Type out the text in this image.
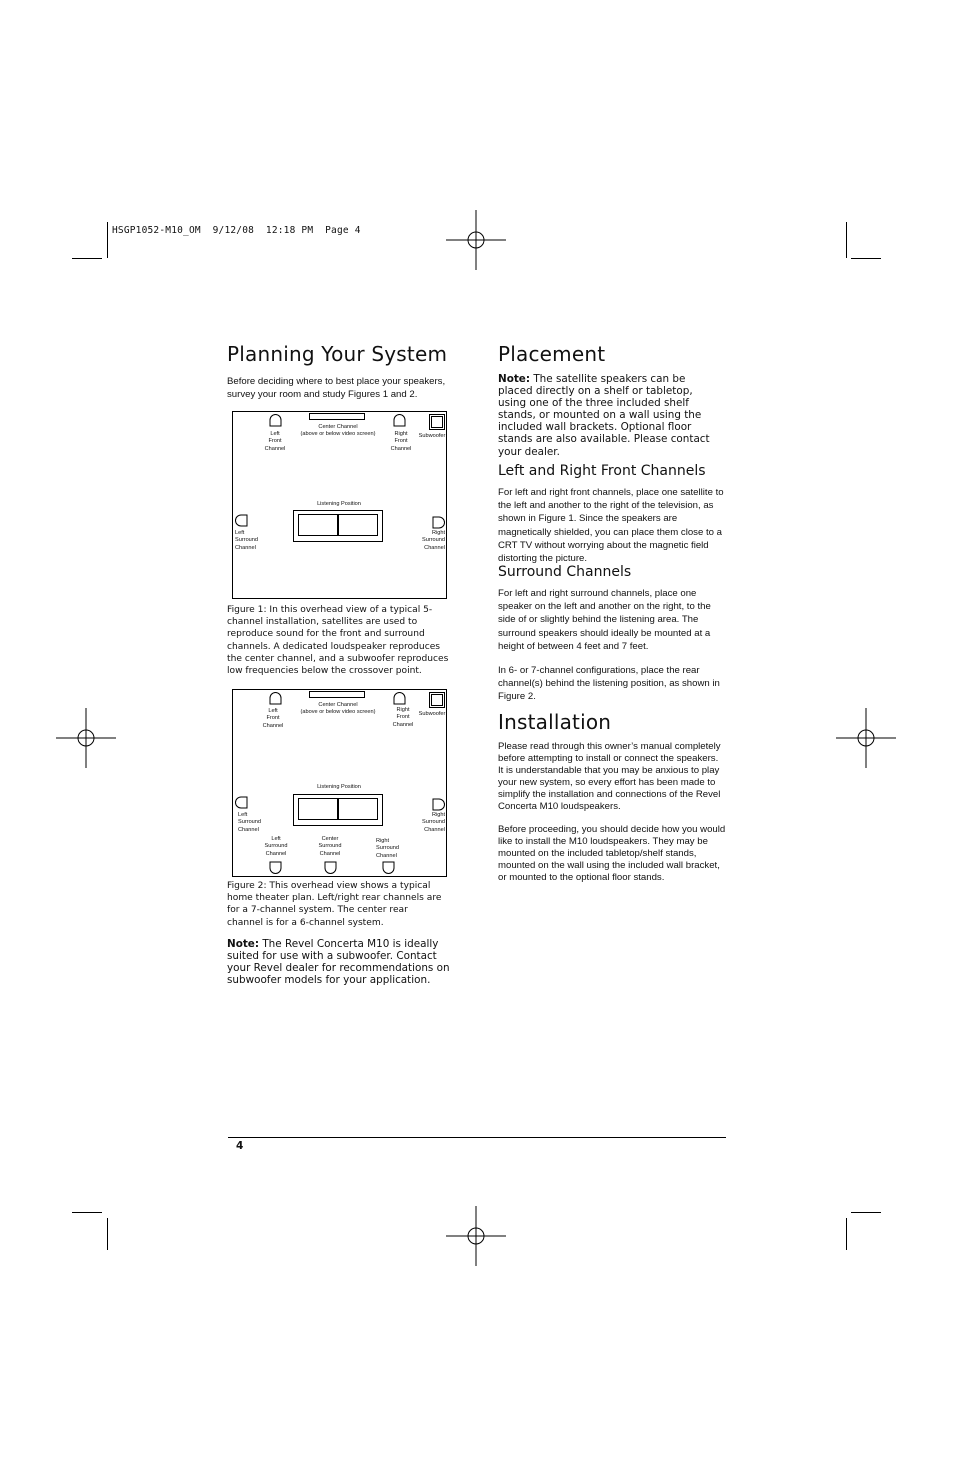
HSGP1052-M10_OM  9/12/08  12:18 PM  Page 4
Planning Your System
Before deciding where to best place your speakers, survey your room and study Figures 1 and 2.
Left
Front
Channel
Center Channel
(above or below video screen)	Right
Front
Channel
Subwoofer
Listening Position
Left
Surround
Channel
Right
Surround
Channel
Figure 1: In this overhead view of a typical 5-channel installation, satellites are used to reproduce sound for the front and surround channels. A dedicated loudspeaker reproduces the center channel, and a subwoofer reproduces low frequencies below the crossover point.
Left
Front
Channel
Center Channel
(above or below video screen)	Right
Front
Channel
Subwoofer
Listening Position
Left
Surround
Channel
Right
Surround
Channel
Left
Surround
Channel
Center
Surround
Channel
Right
Surround
Channel
Figure 2: This overhead view shows a typical home theater plan. Left/right rear channels are for a 7-channel system. The center rear channel is for a 6-channel system.
Note: The Revel Concerta M10 is ideally suited for use with a subwoofer. Contact your Revel dealer for recommendations on subwoofer models for your application.
Placement
Note: The satellite speakers can be placed directly on a shelf or tabletop, using one of the three included shelf stands, or mounted on a wall using the included wall brackets. Optional floor stands are also available. Please contact your dealer.
Left and Right Front Channels
For left and right front channels, place one satellite to the left and another to the right of the television, as shown in Figure 1. Since the speakers are magnetically shielded, you can place them close to a CRT TV without worrying about the magnetic field distorting the picture.
Surround Channels
For left and right surround channels, place one speaker on the left and another on the right, to the side of or slightly behind the listening area. The surround speakers should ideally be mounted at a height of between 4 feet and 7 feet.
In 6- or 7-channel configurations, place the rear channel(s) behind the listening position, as shown in Figure 2.
Installation
Please read through this owner’s manual completely before attempting to install or connect the speakers. It is understandable that you may be anxious to play your new system, so every effort has been made to simplify the installation and connections of the Revel Concerta M10 loudspeakers.
Before proceeding, you should decide how you would like to install the M10 loudspeakers. They may be mounted on the included tabletop/shelf stands, mounted on the wall using the included wall bracket, or mounted to the optional floor stands.
4
